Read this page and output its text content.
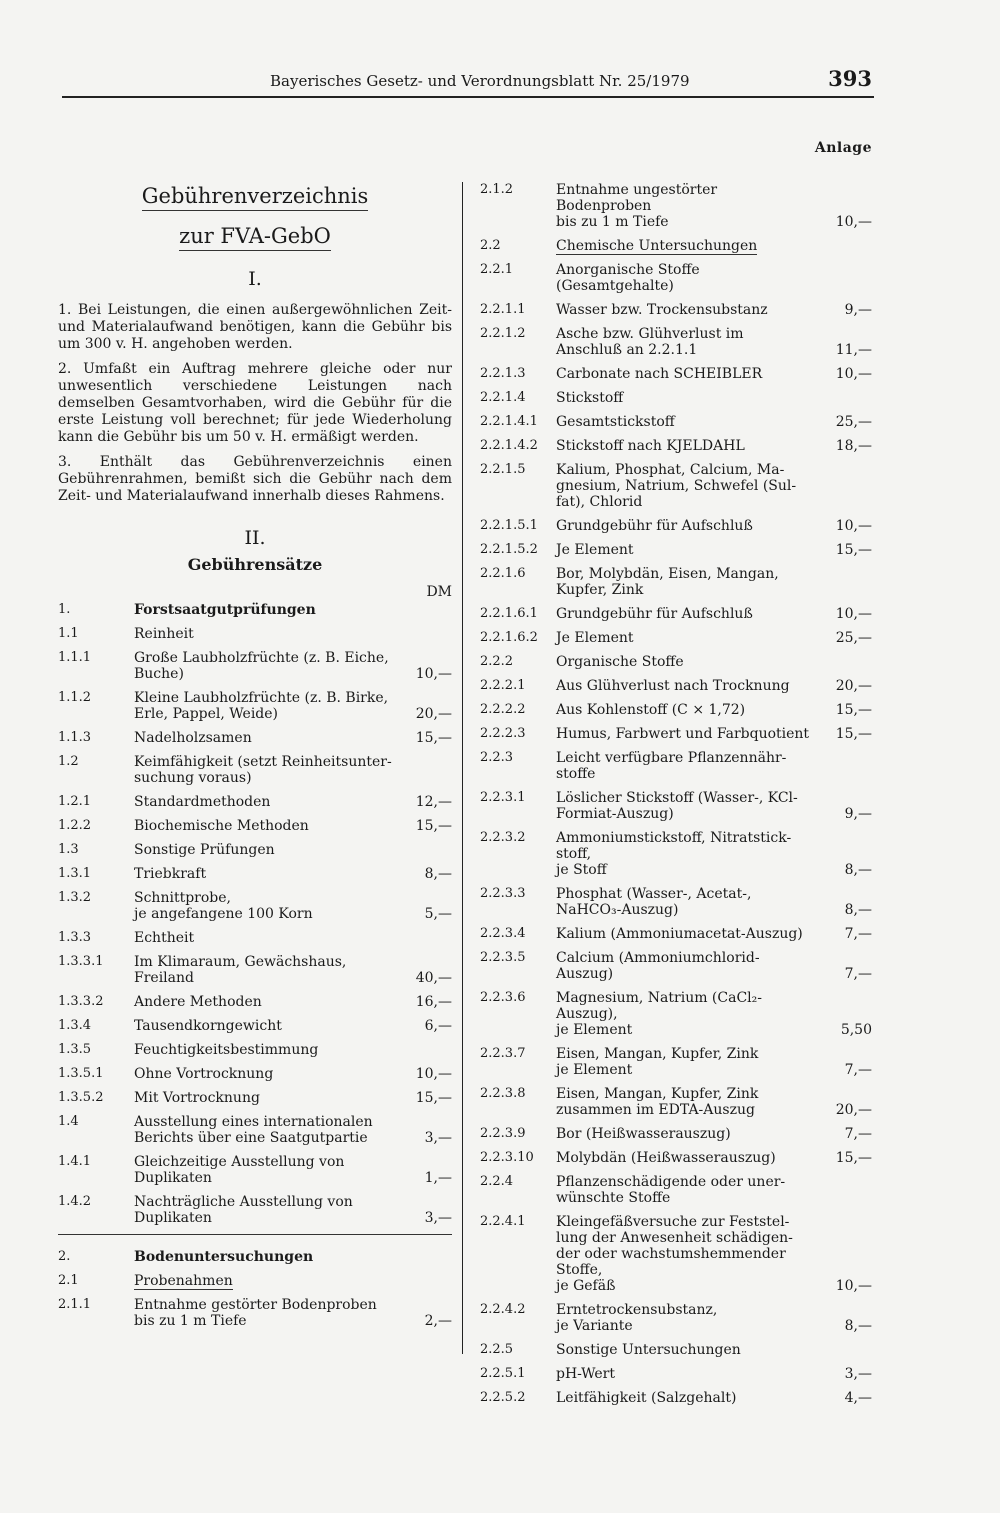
Bayerisches Gesetz- und Verordnungsblatt Nr. 25/1979	393
Anlage
Gebührenverzeichnis
zur FVA-GebO
I.
1. Bei Leistungen, die einen außergewöhnlichen Zeit- und Materialaufwand benötigen, kann die Gebühr bis um 300 v. H. angehoben werden.
2. Umfaßt ein Auftrag mehrere gleiche oder nur unwesentlich verschiedene Leistungen nach demselben Gesamtvorhaben, wird die Gebühr für die erste Leistung voll berechnet; für jede Wiederholung kann die Gebühr bis um 50 v. H. ermäßigt werden.
3. Enthält das Gebührenverzeichnis einen Gebührenrahmen, bemißt sich die Gebühr nach dem Zeit- und Materialaufwand innerhalb dieses Rahmens.
II.
Gebührensätze
DM
1.	Forstsaatgutprüfungen
1.1	Reinheit
1.1.1	Große Laubholzfrüchte (z. B. Eiche,
Buche)	10,—
1.1.2	Kleine Laubholzfrüchte (z. B. Birke,
Erle, Pappel, Weide)	20,—
1.1.3	Nadelholzsamen	15,—
1.2	Keimfähigkeit (setzt Reinheitsunter-
suchung voraus)
1.2.1	Standardmethoden	12,—
1.2.2	Biochemische Methoden	15,—
1.3	Sonstige Prüfungen
1.3.1	Triebkraft	8,—
1.3.2	Schnittprobe,
je angefangene 100 Korn	5,—
1.3.3	Echtheit
1.3.3.1	Im Klimaraum, Gewächshaus,
Freiland	40,—
1.3.3.2	Andere Methoden	16,—
1.3.4	Tausendkorngewicht	6,—
1.3.5	Feuchtigkeitsbestimmung
1.3.5.1	Ohne Vortrocknung	10,—
1.3.5.2	Mit Vortrocknung	15,—
1.4	Ausstellung eines internationalen
Berichts über eine Saatgutpartie	3,—
1.4.1	Gleichzeitige Ausstellung von
Duplikaten	1,—
1.4.2	Nachträgliche Ausstellung von
Duplikaten	3,—
2.	Bodenuntersuchungen
2.1	Probenahmen
2.1.1	Entnahme gestörter Bodenproben
bis zu 1 m Tiefe	2,—
2.1.2	Entnahme ungestörter Bodenproben
bis zu 1 m Tiefe	10,—
2.2	Chemische Untersuchungen
2.2.1	Anorganische Stoffe (Gesamtgehalte)
2.2.1.1	Wasser bzw. Trockensubstanz	9,—
2.2.1.2	Asche bzw. Glühverlust im
Anschluß an 2.2.1.1	11,—
2.2.1.3	Carbonate nach SCHEIBLER	10,—
2.2.1.4	Stickstoff
2.2.1.4.1	Gesamtstickstoff	25,—
2.2.1.4.2	Stickstoff nach KJELDAHL	18,—
2.2.1.5	Kalium, Phosphat, Calcium, Ma-
gnesium, Natrium, Schwefel (Sul-
fat), Chlorid
2.2.1.5.1	Grundgebühr für Aufschluß	10,—
2.2.1.5.2	Je Element	15,—
2.2.1.6	Bor, Molybdän, Eisen, Mangan,
Kupfer, Zink
2.2.1.6.1	Grundgebühr für Aufschluß	10,—
2.2.1.6.2	Je Element	25,—
2.2.2	Organische Stoffe
2.2.2.1	Aus Glühverlust nach Trocknung	20,—
2.2.2.2	Aus Kohlenstoff (C × 1,72)	15,—
2.2.2.3	Humus, Farbwert und Farbquotient	15,—
2.2.3	Leicht verfügbare Pflanzennähr-
stoffe
2.2.3.1	Löslicher Stickstoff (Wasser-, KCl-
Formiat-Auszug)	9,—
2.2.3.2	Ammoniumstickstoff, Nitratstick-
stoff,
je Stoff	8,—
2.2.3.3	Phosphat (Wasser-, Acetat-,
NaHCO₃-Auszug)	8,—
2.2.3.4	Kalium (Ammoniumacetat-Auszug)	7,—
2.2.3.5	Calcium (Ammoniumchlorid-
Auszug)	7,—
2.2.3.6	Magnesium, Natrium (CaCl₂-
Auszug),
je Element	5,50
2.2.3.7	Eisen, Mangan, Kupfer, Zink
je Element	7,—
2.2.3.8	Eisen, Mangan, Kupfer, Zink
zusammen im EDTA-Auszug	20,—
2.2.3.9	Bor (Heißwasserauszug)	7,—
2.2.3.10	Molybdän (Heißwasserauszug)	15,—
2.2.4	Pflanzenschädigende oder uner-
wünschte Stoffe
2.2.4.1	Kleingefäßversuche zur Feststel-
lung der Anwesenheit schädigen-
der oder wachstumshemmender
Stoffe,
je Gefäß	10,—
2.2.4.2	Erntetrockensubstanz,
je Variante	8,—
2.2.5	Sonstige Untersuchungen
2.2.5.1	pH-Wert	3,—
2.2.5.2	Leitfähigkeit (Salzgehalt)	4,—
